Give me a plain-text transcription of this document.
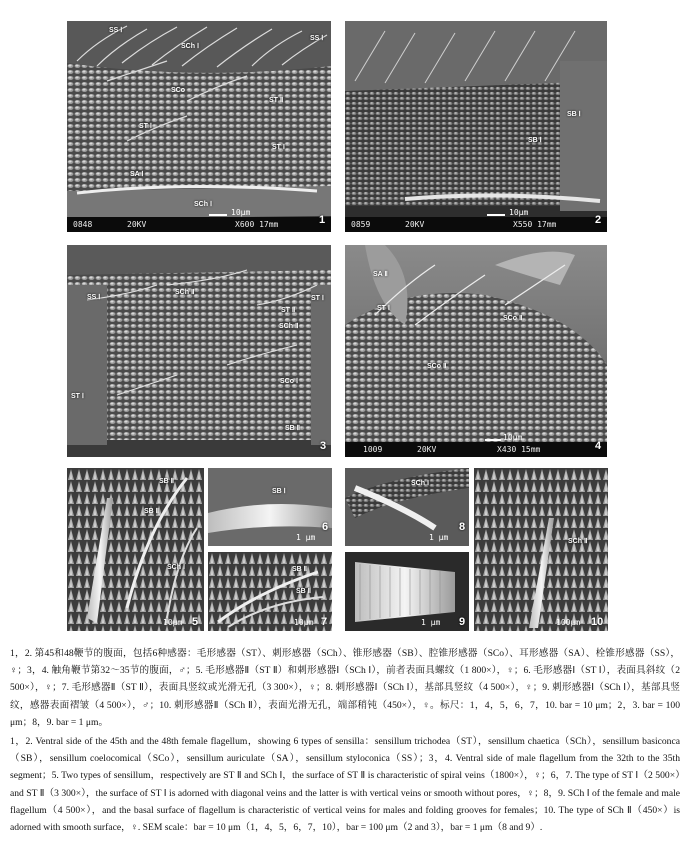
SS Ⅰ
SCh Ⅰ
SS Ⅰ
SCo
ST Ⅰ
ST Ⅱ
ST Ⅰ
SA Ⅰ
SCh Ⅰ
0848	20KV	X600 17mm
10μm
1
SB Ⅰ
SB Ⅰ
0859	20KV	X550 17mm
10μm
2
SS Ⅰ
SCh Ⅱ
ST Ⅰ
ST Ⅱ
SCh Ⅱ
SCo Ⅰ
ST Ⅰ
SB Ⅱ
3
SA Ⅱ
ST Ⅰ
SCo Ⅱ
SCo Ⅱ
1009	20KV	X430 15mm
10μm
4
SB Ⅱ
SB Ⅱ
SCh Ⅰ
10μm 5
SB Ⅰ
1 μm
6
SB Ⅱ
SB Ⅱ
10μm 7
SCh Ⅰ
1 μm
8
1 μm 9
SCh Ⅱ
100μm 10

1，2. 第45和48鞭节的腹面，包括6种感器：毛形感器（ST）、刺形感器（SCh）、锥形感器（SB）、腔锥形感器（SCo）、耳形感器（SA）、栓锥形感器（SS），♀；3，4. 触角鞭节第32～35节的腹面，♂；5. 毛形感器Ⅱ（ST Ⅱ）和刺形感器Ⅰ（SCh Ⅰ），前者表面具螺纹（1 800×），♀；6. 毛形感器Ⅰ（ST Ⅰ），表面具斜纹（2 500×），♀；7. 毛形感器Ⅱ（ST Ⅱ），表面具竖纹或光滑无孔（3 300×），♀；8. 刺形感器Ⅰ（SCh Ⅰ），基部具竖纹（4 500×），♀；9. 刺形感器Ⅰ（SCh Ⅰ），基部具竖纹，感器表面褶皱（4 500×），♂；10. 刺形感器Ⅱ（SCh Ⅱ），表面光滑无孔，端部稍钝（450×），♀。标尺：1，4，5，6，7，10. bar = 10 μm；2，3. bar = 100 μm；8，9. bar = 1 μm。

1，2. Ventral side of the 45th and the 48th female flagellum，showing 6 types of sensilla：sensillum trichodea（ST），sensillum chaetica（SCh），sensillum basiconca（SB），sensillum coelocomical（SCo），sensillum auriculate（SA），sensillum styloconica（SS）；3，4. Ventral side of male flagellum from the 32th to the 35th segment；5. Two types of sensillum，respectively are ST Ⅱ and SCh Ⅰ，the surface of ST Ⅱ is characteristic of spiral veins（1800×），♀；6，7. The type of ST Ⅰ（2 500×）and ST Ⅱ（3 300×），the surface of ST Ⅰ is adorned with diagonal veins and the latter is with vertical veins or smooth without pores，♀；8，9. SCh Ⅰ of the female and male flagellum（4 500×），and the basal surface of flagellum is characteristic of vertical veins for males and folding grooves for females；10. The type of SCh Ⅱ（450×）is adorned with smooth surface，♀. SEM scale：bar = 10 μm（1，4，5，6，7，10），bar = 100 μm（2 and 3），bar = 1 μm（8 and 9）.
